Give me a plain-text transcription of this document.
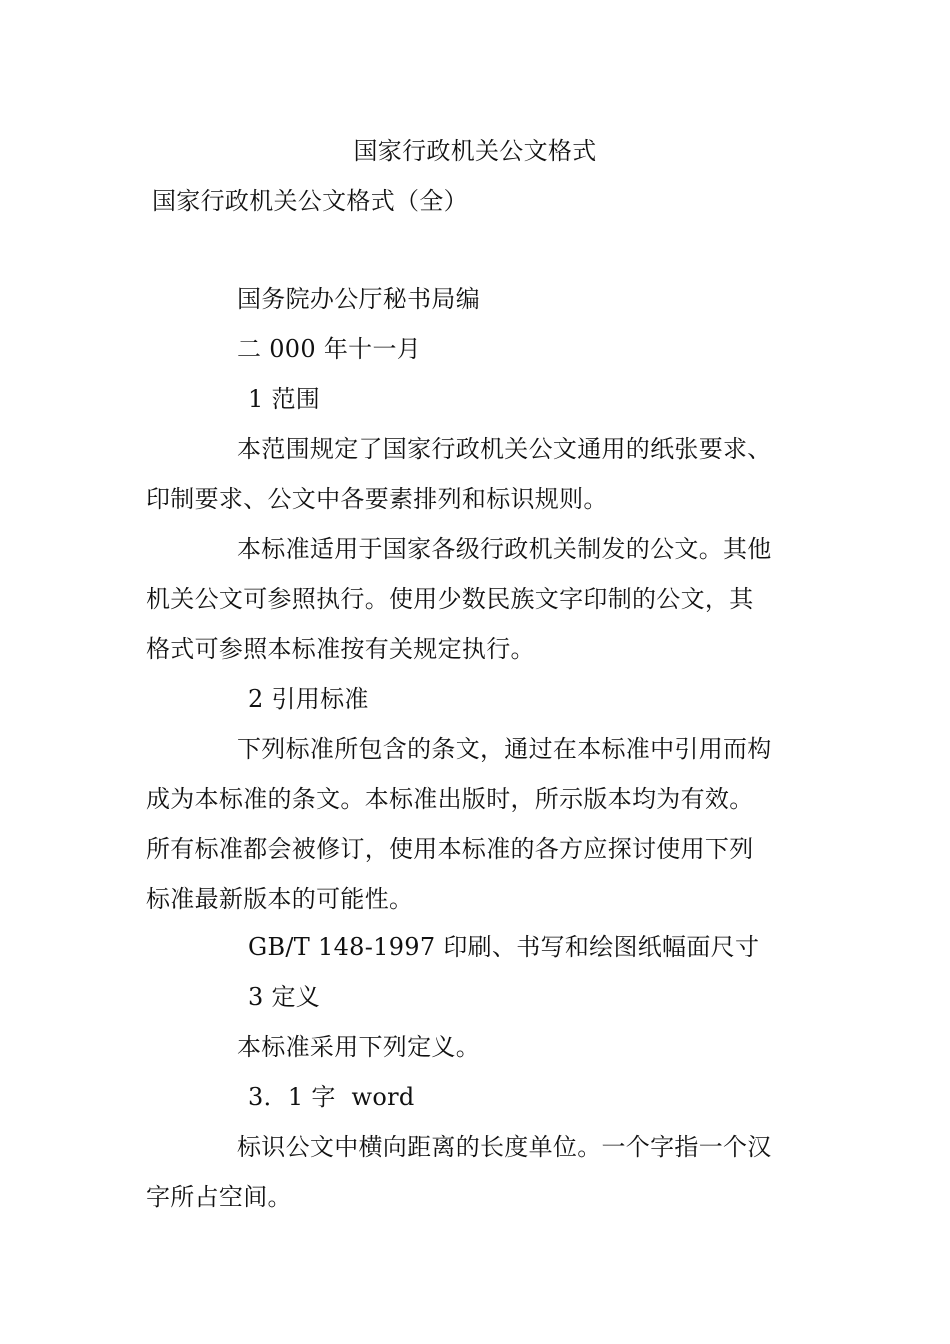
国家行政机关公文格式
国家行政机关公文格式（全）
国务院办公厅秘书局编
二 000 年十一月
1 范围
本范围规定了国家行政机关公文通用的纸张要求、
印制要求、公文中各要素排列和标识规则。
本标准适用于国家各级行政机关制发的公文。其他
机关公文可参照执行。使用少数民族文字印制的公文，其
格式可参照本标准按有关规定执行。
2 引用标准
下列标准所包含的条文，通过在本标准中引用而构
成为本标准的条文。本标准出版时，所示版本均为有效。
所有标准都会被修订，使用本标准的各方应探讨使用下列
标准最新版本的可能性。
GB/T 148-1997 印刷、书写和绘图纸幅面尺寸
3 定义
本标准采用下列定义。
3．1 字  word
标识公文中横向距离的长度单位。一个字指一个汉
字所占空间。
